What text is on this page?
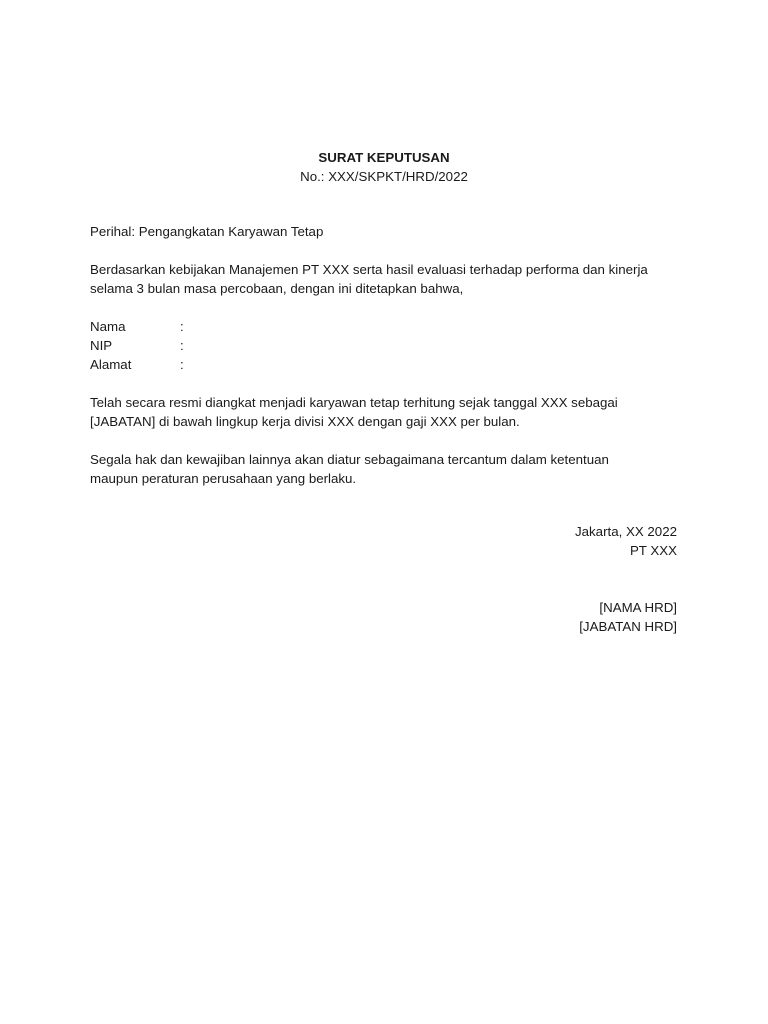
SURAT KEPUTUSAN
No.: XXX/SKPKT/HRD/2022

Perihal: Pengangkatan Karyawan Tetap

Berdasarkan kebijakan Manajemen PT XXX serta hasil evaluasi terhadap performa dan kinerja
selama 3 bulan masa percobaan, dengan ini ditetapkan bahwa,

Nama	:
NIP	:
Alamat	:

Telah secara resmi diangkat menjadi karyawan tetap terhitung sejak tanggal XXX sebagai
[JABATAN] di bawah lingkup kerja divisi XXX dengan gaji XXX per bulan.

Segala hak dan kewajiban lainnya akan diatur sebagaimana tercantum dalam ketentuan
maupun peraturan perusahaan yang berlaku.

Jakarta, XX 2022
PT XXX
[NAMA HRD]
[JABATAN HRD]
